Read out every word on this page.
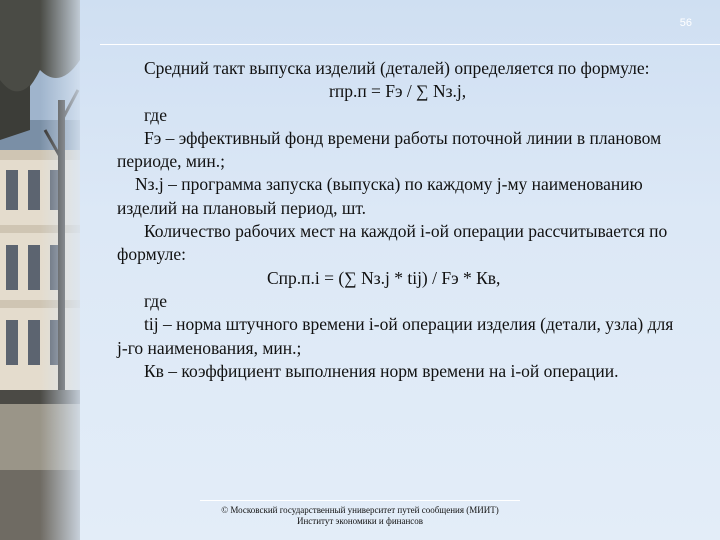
56

Средний такт выпуска изделий (деталей) определяется по формуле:

rпр.п = Fэ / ∑ Nз.j,

где

Fэ – эффективный фонд времени работы поточной линии в плановом периоде, мин.;

Nз.j – программа запуска (выпуска) по каждому j-му наименованию изделий на плановый период, шт.

Количество рабочих мест на каждой i-ой операции рассчитывается по формуле:

Спр.п.i = (∑ Nз.j * tij) / Fэ * Кв,

где

tij – норма штучного времени i-ой операции изделия (детали, узла) для j-го наименования, мин.;

Кв – коэффициент выполнения норм времени на i-ой операции.

© Московский государственный университет путей сообщения (МИИТ)
Институт экономики и финансов
